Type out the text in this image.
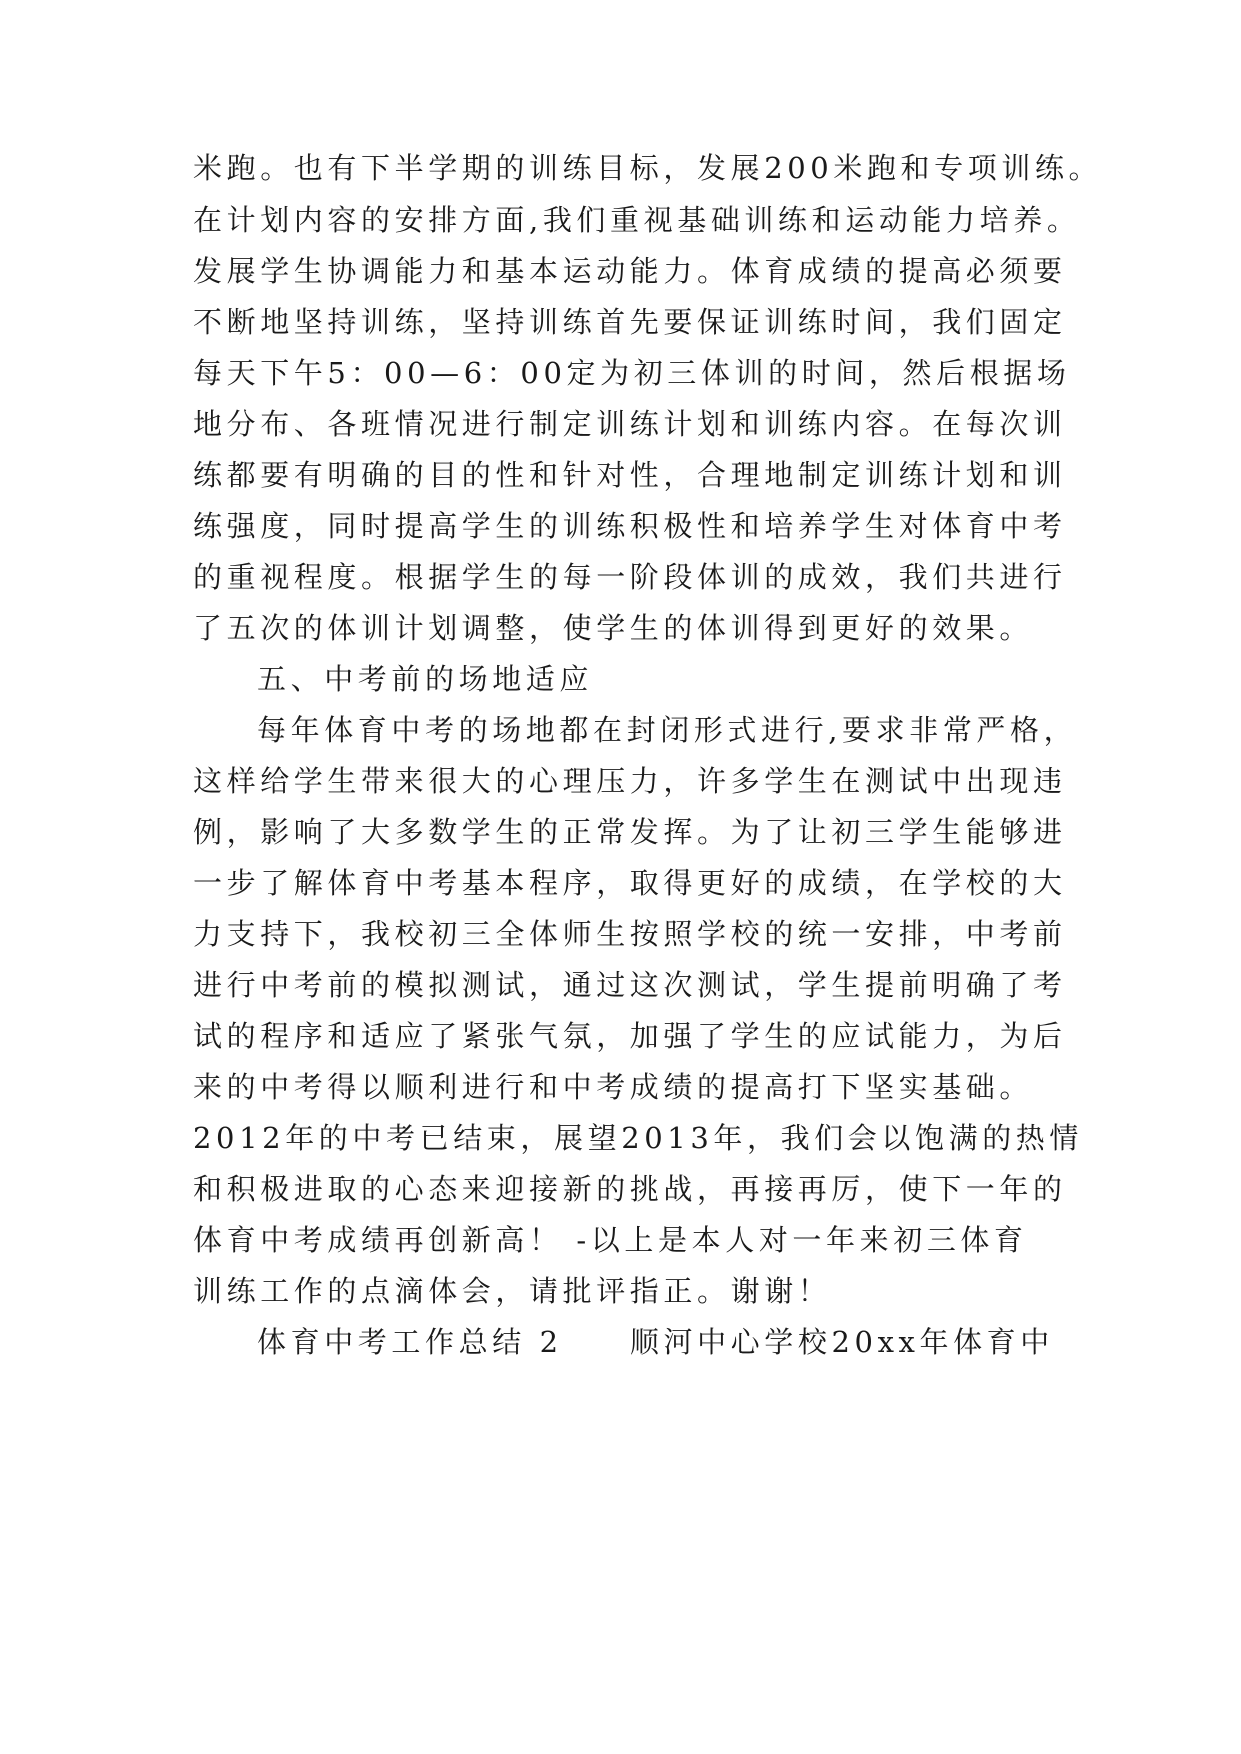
米跑。也有下半学期的训练目标，发展200米跑和专项训练。
在计划内容的安排方面,我们重视基础训练和运动能力培养。
发展学生协调能力和基本运动能力。体育成绩的提高必须要
不断地坚持训练，坚持训练首先要保证训练时间，我们固定
每天下午5：00—6：00定为初三体训的时间，然后根据场
地分布、各班情况进行制定训练计划和训练内容。在每次训
练都要有明确的目的性和针对性，合理地制定训练计划和训
练强度，同时提高学生的训练积极性和培养学生对体育中考
的重视程度。根据学生的每一阶段体训的成效，我们共进行
了五次的体训计划调整，使学生的体训得到更好的效果。
五、中考前的场地适应
每年体育中考的场地都在封闭形式进行,要求非常严格，
这样给学生带来很大的心理压力，许多学生在测试中出现违
例，影响了大多数学生的正常发挥。为了让初三学生能够进
一步了解体育中考基本程序，取得更好的成绩，在学校的大
力支持下，我校初三全体师生按照学校的统一安排，中考前
进行中考前的模拟测试，通过这次测试，学生提前明确了考
试的程序和适应了紧张气氛，加强了学生的应试能力，为后
来的中考得以顺利进行和中考成绩的提高打下坚实基础。
2012年的中考已结束，展望2013年，我们会以饱满的热情
和积极进取的心态来迎接新的挑战，再接再厉，使下一年的
体育中考成绩再创新高！ -以上是本人对一年来初三体育
训练工作的点滴体会，请批评指正。谢谢！
体育中考工作总结 2　　顺河中心学校20xx年体育中
